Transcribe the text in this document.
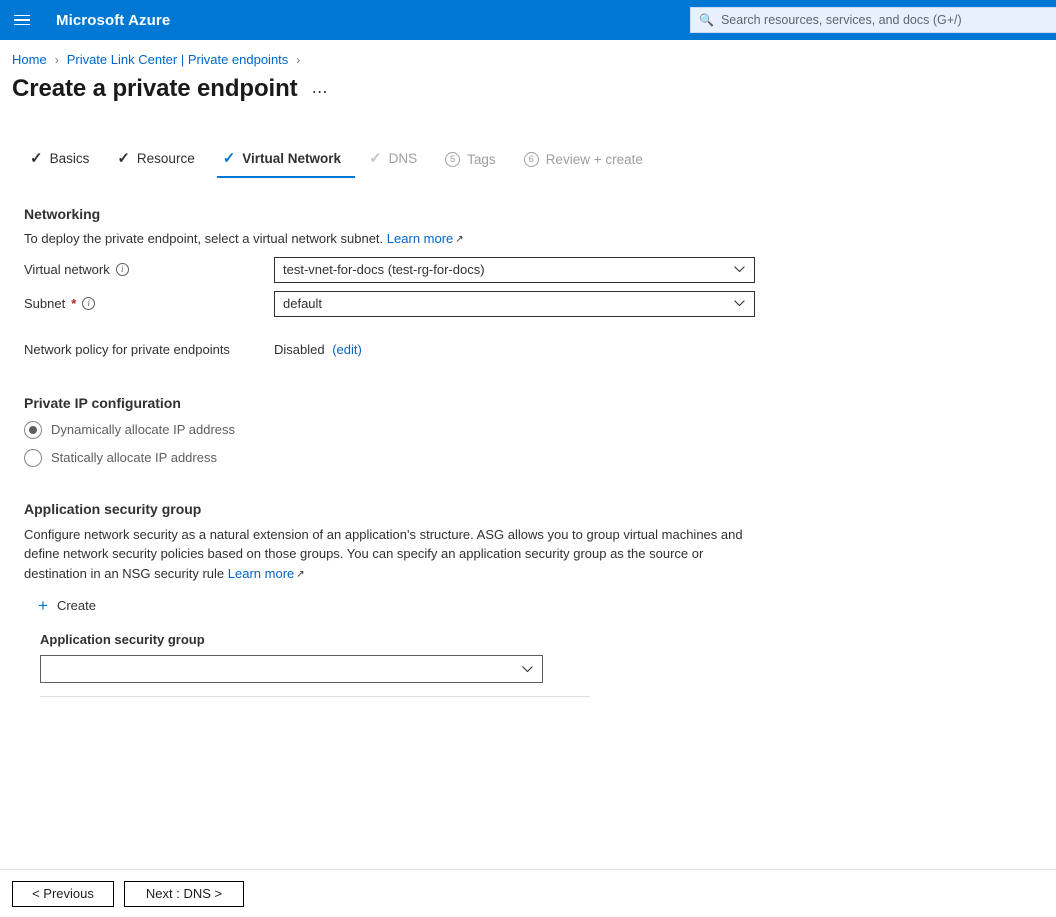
Microsoft Azure	🔍 Search resources, services, and docs (G+/)
Home › Private Link Center | Private endpoints ›
Create a private endpoint ⋯
✓ Basics ✓ Resource ✓ Virtual Network ✓ DNS	5 Tags	6 Review + create
Networking
To deploy the private endpoint, select a virtual network subnet. Learn more ↗
Virtual network	i	test-vnet-for-docs (test-rg-for-docs)
Subnet *	i	default
Network policy for private endpoints	Disabled (edit)
Private IP configuration
Dynamically allocate IP address
Statically allocate IP address
Application security group
Configure network security as a natural extension of an application's structure. ASG allows you to group virtual machines and define network security policies based on those groups. You can specify an application security group as the source or destination in an NSG security rule Learn more ↗
+ Create
Application security group
< Previous	Next : DNS >
